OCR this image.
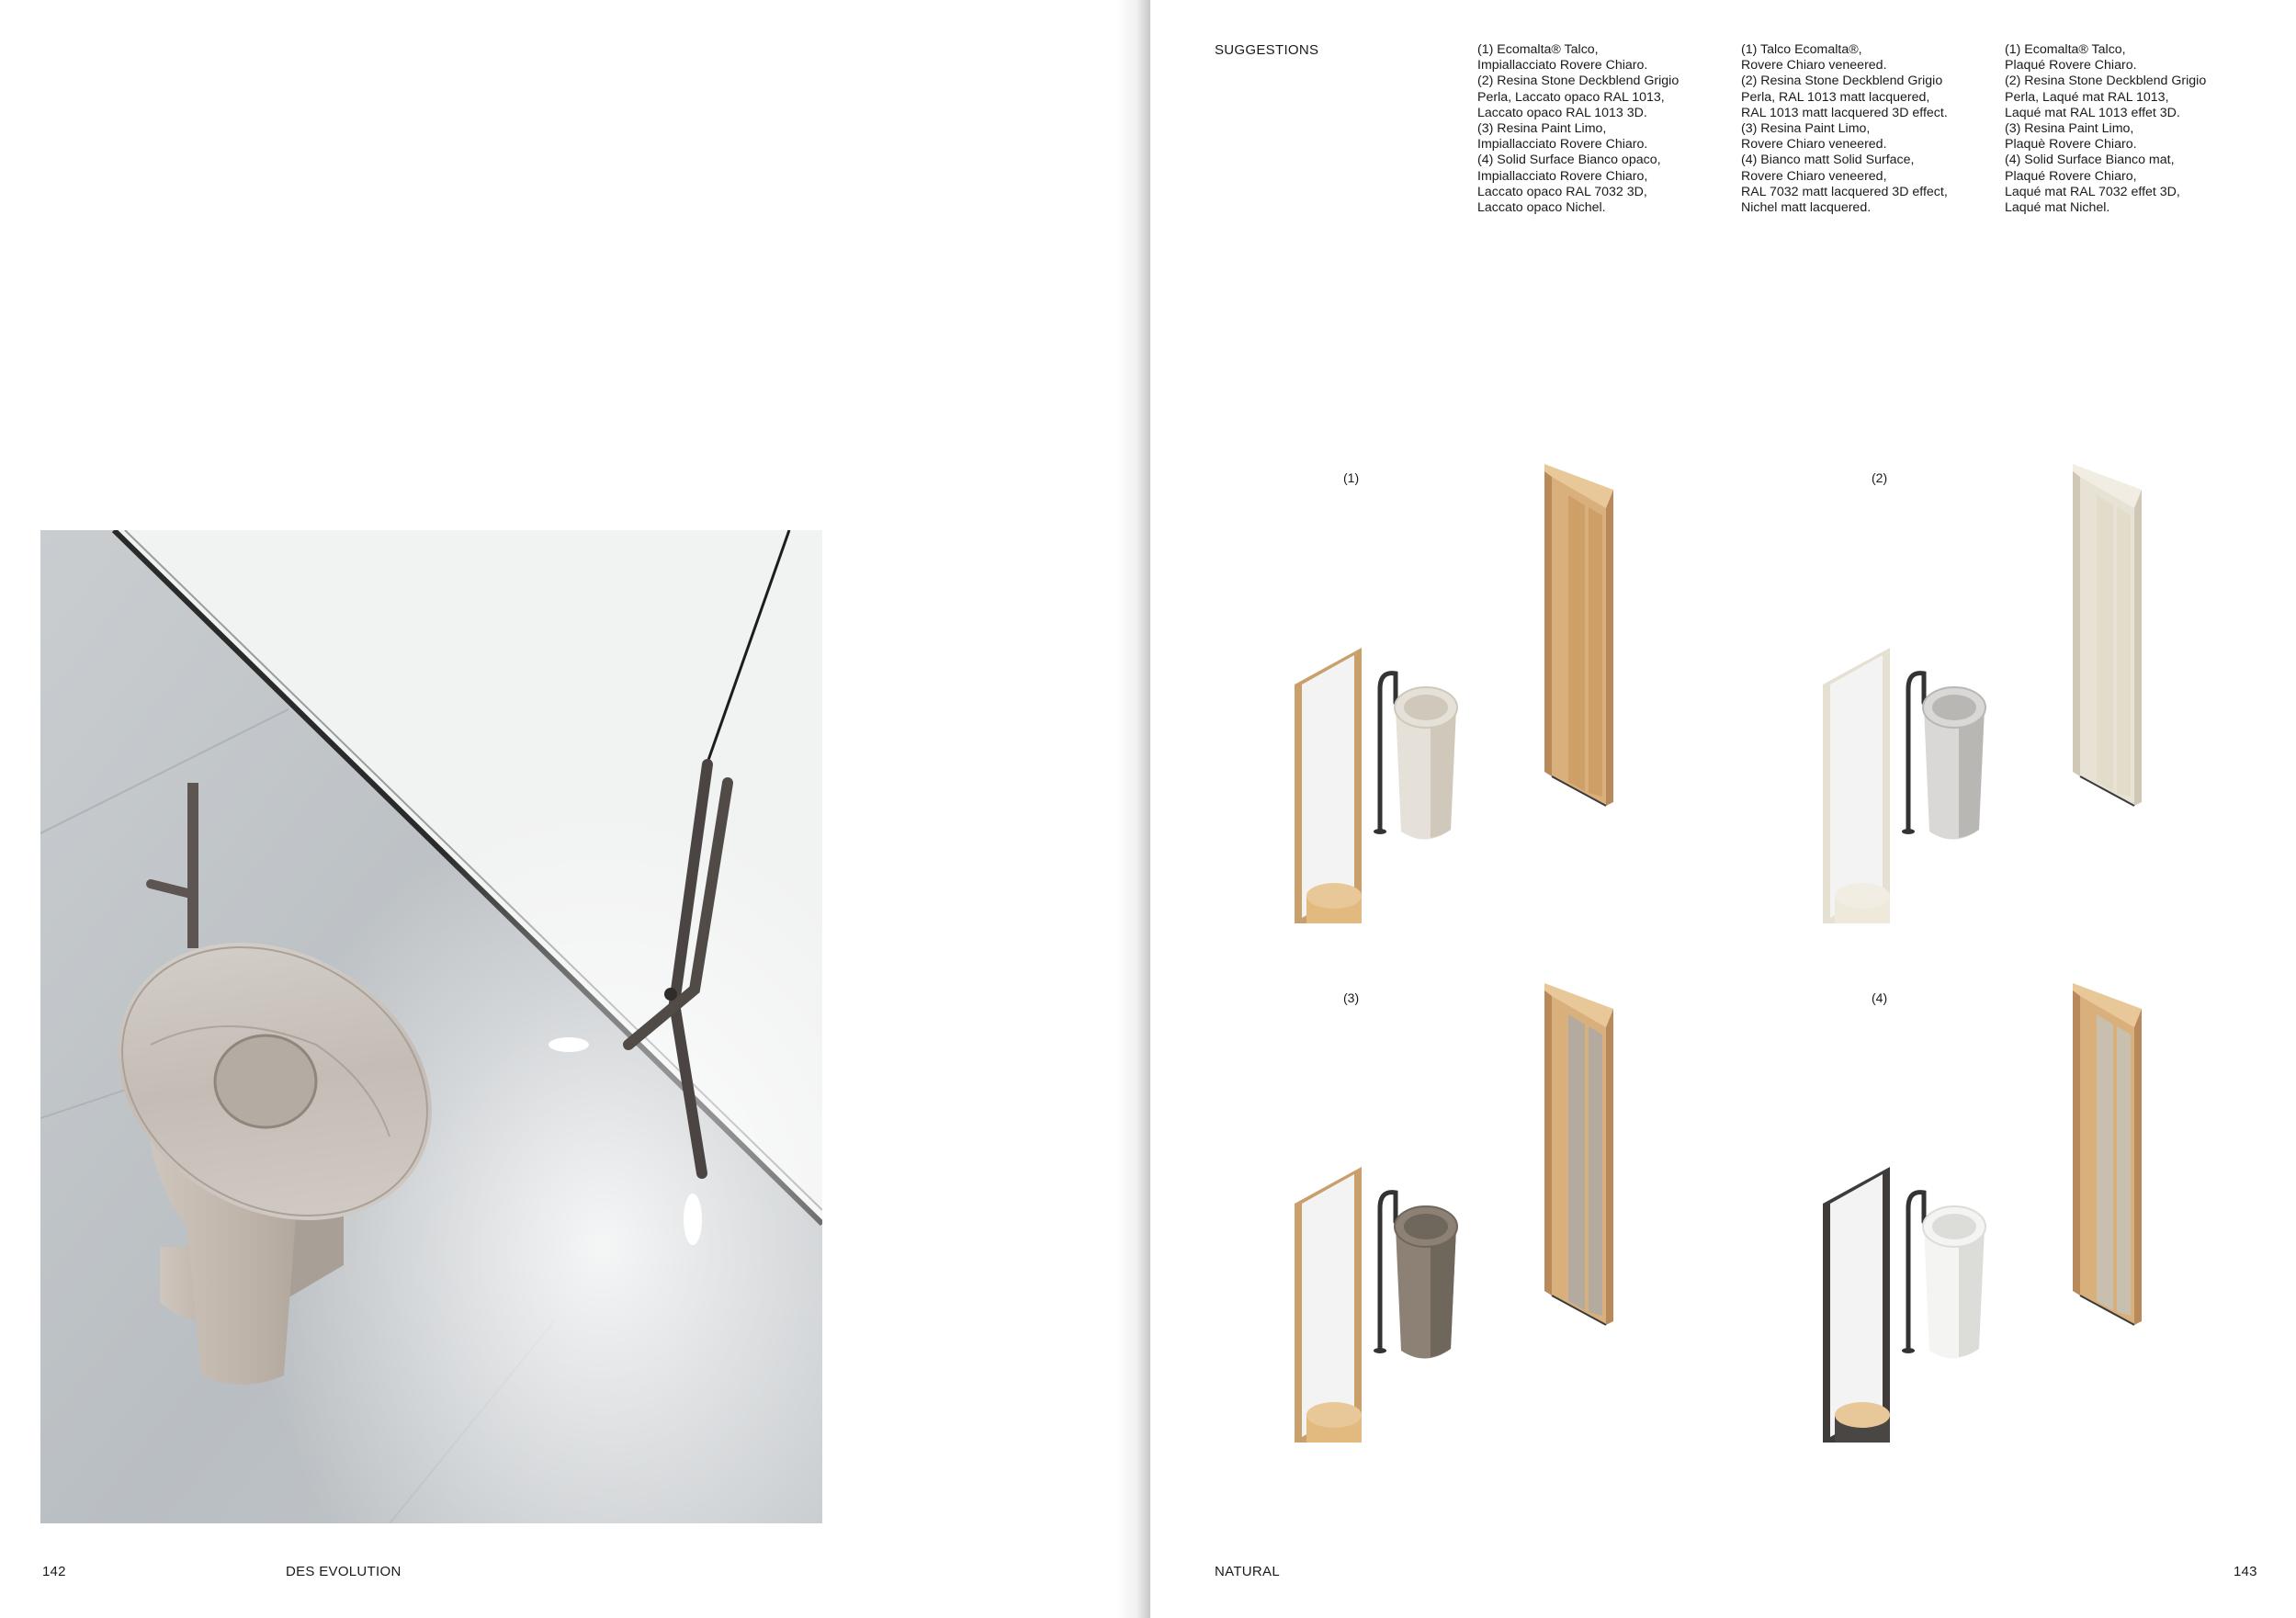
142	DES EVOLUTION
SUGGESTIONS	(1) Ecomalta® Talco,
Impiallacciato Rovere Chiaro.
(2) Resina Stone Deckblend Grigio
Perla, Laccato opaco RAL 1013,
Laccato opaco RAL 1013 3D.
(3) Resina Paint Limo,
Impiallacciato Rovere Chiaro.
(4) Solid Surface Bianco opaco,
Impiallacciato Rovere Chiaro,
Laccato opaco RAL 7032 3D,
Laccato opaco Nichel.
(1) Talco Ecomalta®,
Rovere Chiaro veneered.
(2) Resina Stone Deckblend Grigio
Perla, RAL 1013 matt lacquered,
RAL 1013 matt lacquered 3D effect.
(3) Resina Paint Limo,
Rovere Chiaro veneered.
(4) Bianco matt Solid Surface,
Rovere Chiaro veneered,
RAL 7032 matt lacquered 3D effect,
Nichel matt lacquered.
(1) Ecomalta® Talco,
Plaqué Rovere Chiaro.
(2) Resina Stone Deckblend Grigio
Perla, Laqué mat RAL 1013,
Laqué mat RAL 1013 effet 3D.
(3) Resina Paint Limo,
Plaquè Rovere Chiaro.
(4) Solid Surface Bianco mat,
Plaqué Rovere Chiaro,
Laqué mat RAL 7032 effet 3D,
Laqué mat Nichel.
(1)	(2)
(3)	(4)
NATURAL	143
